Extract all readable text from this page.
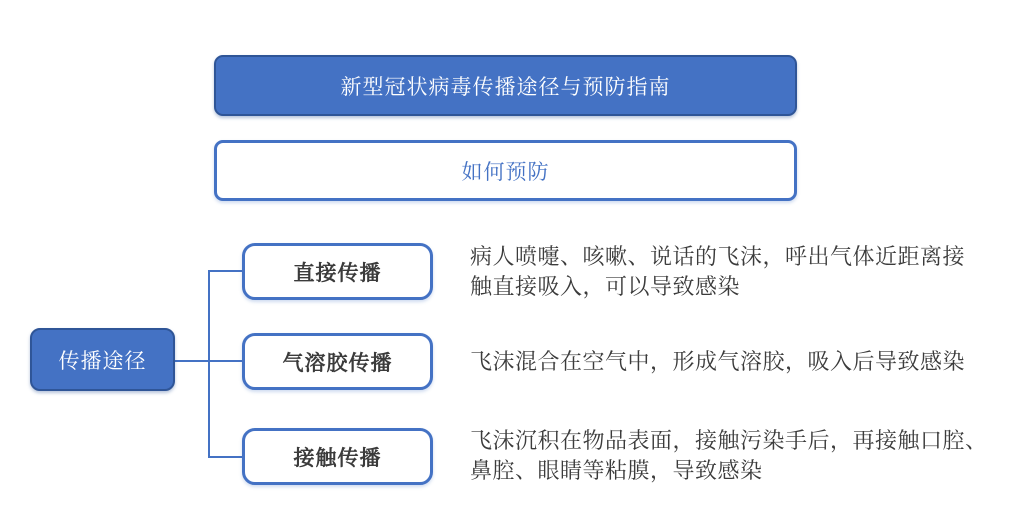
新型冠状病毒传播途径与预防指南
如何预防
传播途径
直接传播
病人喷嚏、咳嗽、说话的飞沫，呼出气体近距离接
触直接吸入，可以导致感染
气溶胶传播	飞沫混合在空气中，形成气溶胶，吸入后导致感染
接触传播
飞沫沉积在物品表面，接触污染手后，再接触口腔、
鼻腔、眼睛等粘膜，导致感染
